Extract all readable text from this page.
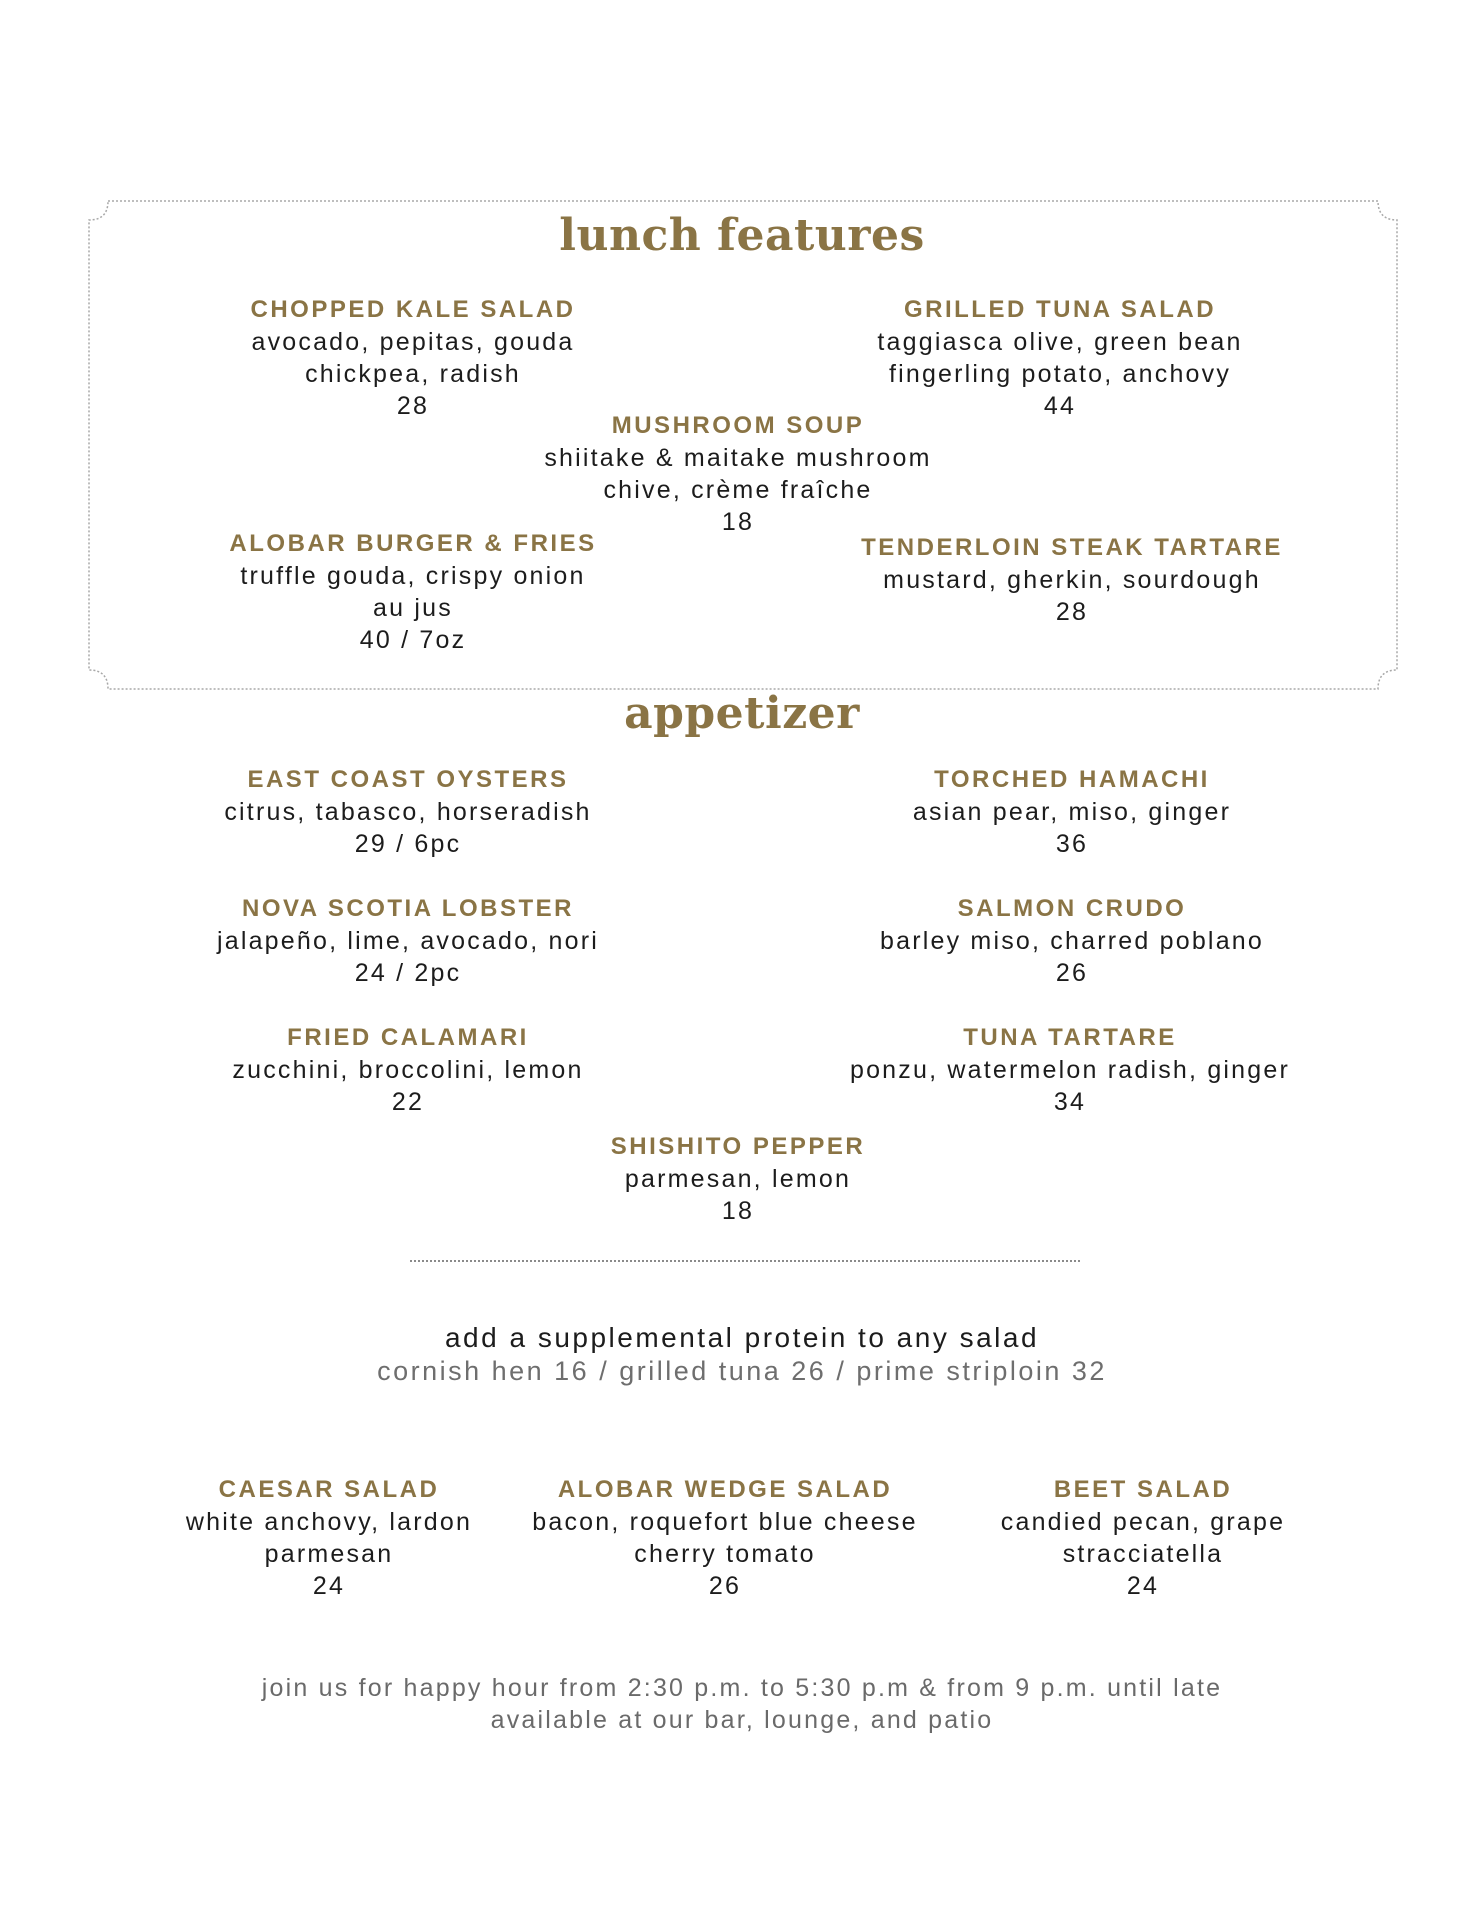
lunch features
CHOPPED KALE SALAD
avocado, pepitas, gouda
chickpea, radish
28
GRILLED TUNA SALAD
taggiasca olive, green bean
fingerling potato, anchovy
44
MUSHROOM SOUP
shiitake & maitake mushroom
chive, crème fraîche
18
ALOBAR BURGER & FRIES
truffle gouda, crispy onion
au jus
40 / 7oz
TENDERLOIN STEAK TARTARE
mustard, gherkin, sourdough
28
appetizer
EAST COAST OYSTERS
citrus, tabasco, horseradish
29 / 6pc
TORCHED HAMACHI
asian pear, miso, ginger
36
NOVA SCOTIA LOBSTER
jalapeño, lime, avocado, nori
24 / 2pc
SALMON CRUDO
barley miso, charred poblano
26
FRIED CALAMARI
zucchini, broccolini, lemon
22
TUNA TARTARE
ponzu, watermelon radish, ginger
34
SHISHITO PEPPER
parmesan, lemon
18
add a supplemental protein to any salad
cornish hen 16 / grilled tuna 26 / prime striploin 32
CAESAR SALAD
white anchovy, lardon
parmesan
24
ALOBAR WEDGE SALAD
bacon, roquefort blue cheese
cherry tomato
26
BEET SALAD
candied pecan, grape
stracciatella
24
join us for happy hour from 2:30 p.m. to 5:30 p.m & from 9 p.m. until late
available at our bar, lounge, and patio
